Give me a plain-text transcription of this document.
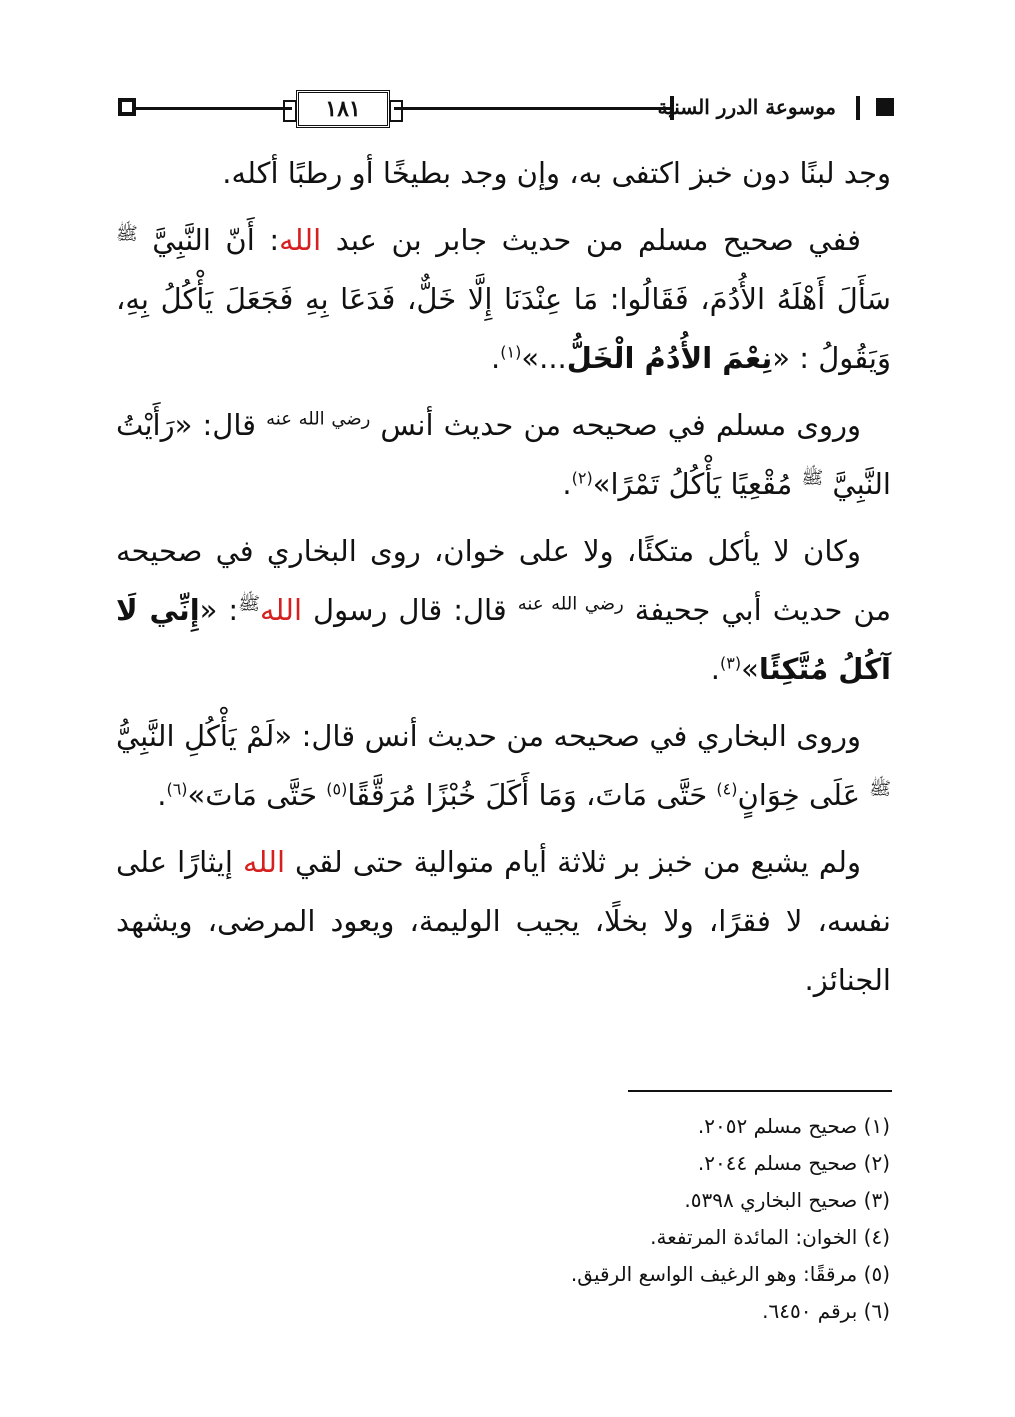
١٨١	موسوعة الدرر السنية

وجد لبنًا دون خبز اكتفى به، وإن وجد بطيخًا أو رطبًا أكله.

ففي صحيح مسلم من حديث جابر بن عبد الله: أَنّ النَّبِيَّ $^ﷺ$ سَأَلَ أَهْلَهُ الأُدُمَ، فَقَالُوا: مَا عِنْدَنَا إِلَّا خَلٌّ، فَدَعَا بِهِ فَجَعَلَ يَأْكُلُ بِهِ، وَيَقُولُ : «نِعْمَ الأُدُمُ الْخَلُّ...»$^{(١)}$.

وروى مسلم في صحيحه من حديث أنس $^{رضي الله عنه}$ قال: «رَأَيْتُ النَّبِيَّ $^ﷺ$ مُقْعِيًا يَأْكُلُ تَمْرًا»$^{(٢)}$.

وكان لا يأكل متكئًا، ولا على خوان، روى البخاري في صحيحه من حديث أبي جحيفة $^{رضي الله عنه}$ قال: قال رسول الله$^ﷺ$: «إِنِّي لَا آكُلُ مُتَّكِئًا»$^{(٣)}$.

وروى البخاري في صحيحه من حديث أنس قال: «لَمْ يَأْكُلِ النَّبِيُّ $^ﷺ$ عَلَى خِوَانٍ$^{(٤)}$ حَتَّى مَاتَ، وَمَا أَكَلَ خُبْزًا مُرَقَّقًا$^{(٥)}$ حَتَّى مَاتَ»$^{(٦)}$.

ولم يشبع من خبز بر ثلاثة أيام متوالية حتى لقي الله إيثارًا على نفسه، لا فقرًا، ولا بخلًا، يجيب الوليمة، ويعود المرضى، ويشهد الجنائز.

(١) صحيح مسلم ٢٠٥٢.
(٢) صحيح مسلم ٢٠٤٤.
(٣) صحيح البخاري ٥٣٩٨.
(٤) الخوان: المائدة المرتفعة.
(٥) مرققًا: وهو الرغيف الواسع الرقيق.
(٦) برقم ٦٤٥٠.
